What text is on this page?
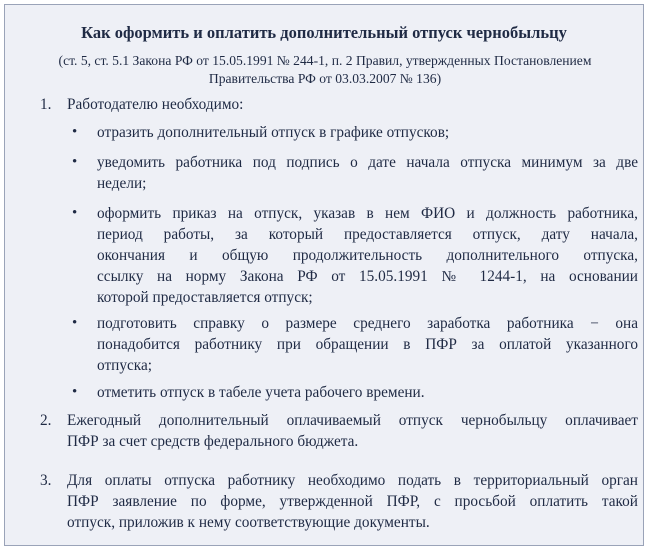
Как оформить и оплатить дополнительный отпуск чернобыльцу
(ст. 5, ст. 5.1 Закона РФ от 15.05.1991 № 244-1, п. 2 Правил, утвержденных Постановлением
Правительства РФ от 03.03.2007 № 136)
1. Работодателю необходимо:
• отразить дополнительный отпуск в графике отпусков;
• уведомить работника под подпись о дате начала отпуска минимум за две
недели;
• оформить приказ на отпуск, указав в нем ФИО и должность работника,
период работы, за который предоставляется отпуск, дату начала,
окончания и общую продолжительность дополнительного отпуска,
ссылку на норму Закона РФ от 15.05.1991 № 1244-1, на основании
которой предоставляется отпуск;
• подготовить справку о размере среднего заработка работника − она
понадобится работнику при обращении в ПФР за оплатой указанного
отпуска;
• отметить отпуск в табеле учета рабочего времени.
2. Ежегодный дополнительный оплачиваемый отпуск чернобыльцу оплачивает
ПФР за счет средств федерального бюджета.
3. Для оплаты отпуска работнику необходимо подать в территориальный орган
ПФР заявление по форме, утвержденной ПФР, с просьбой оплатить такой
отпуск, приложив к нему соответствующие документы.
